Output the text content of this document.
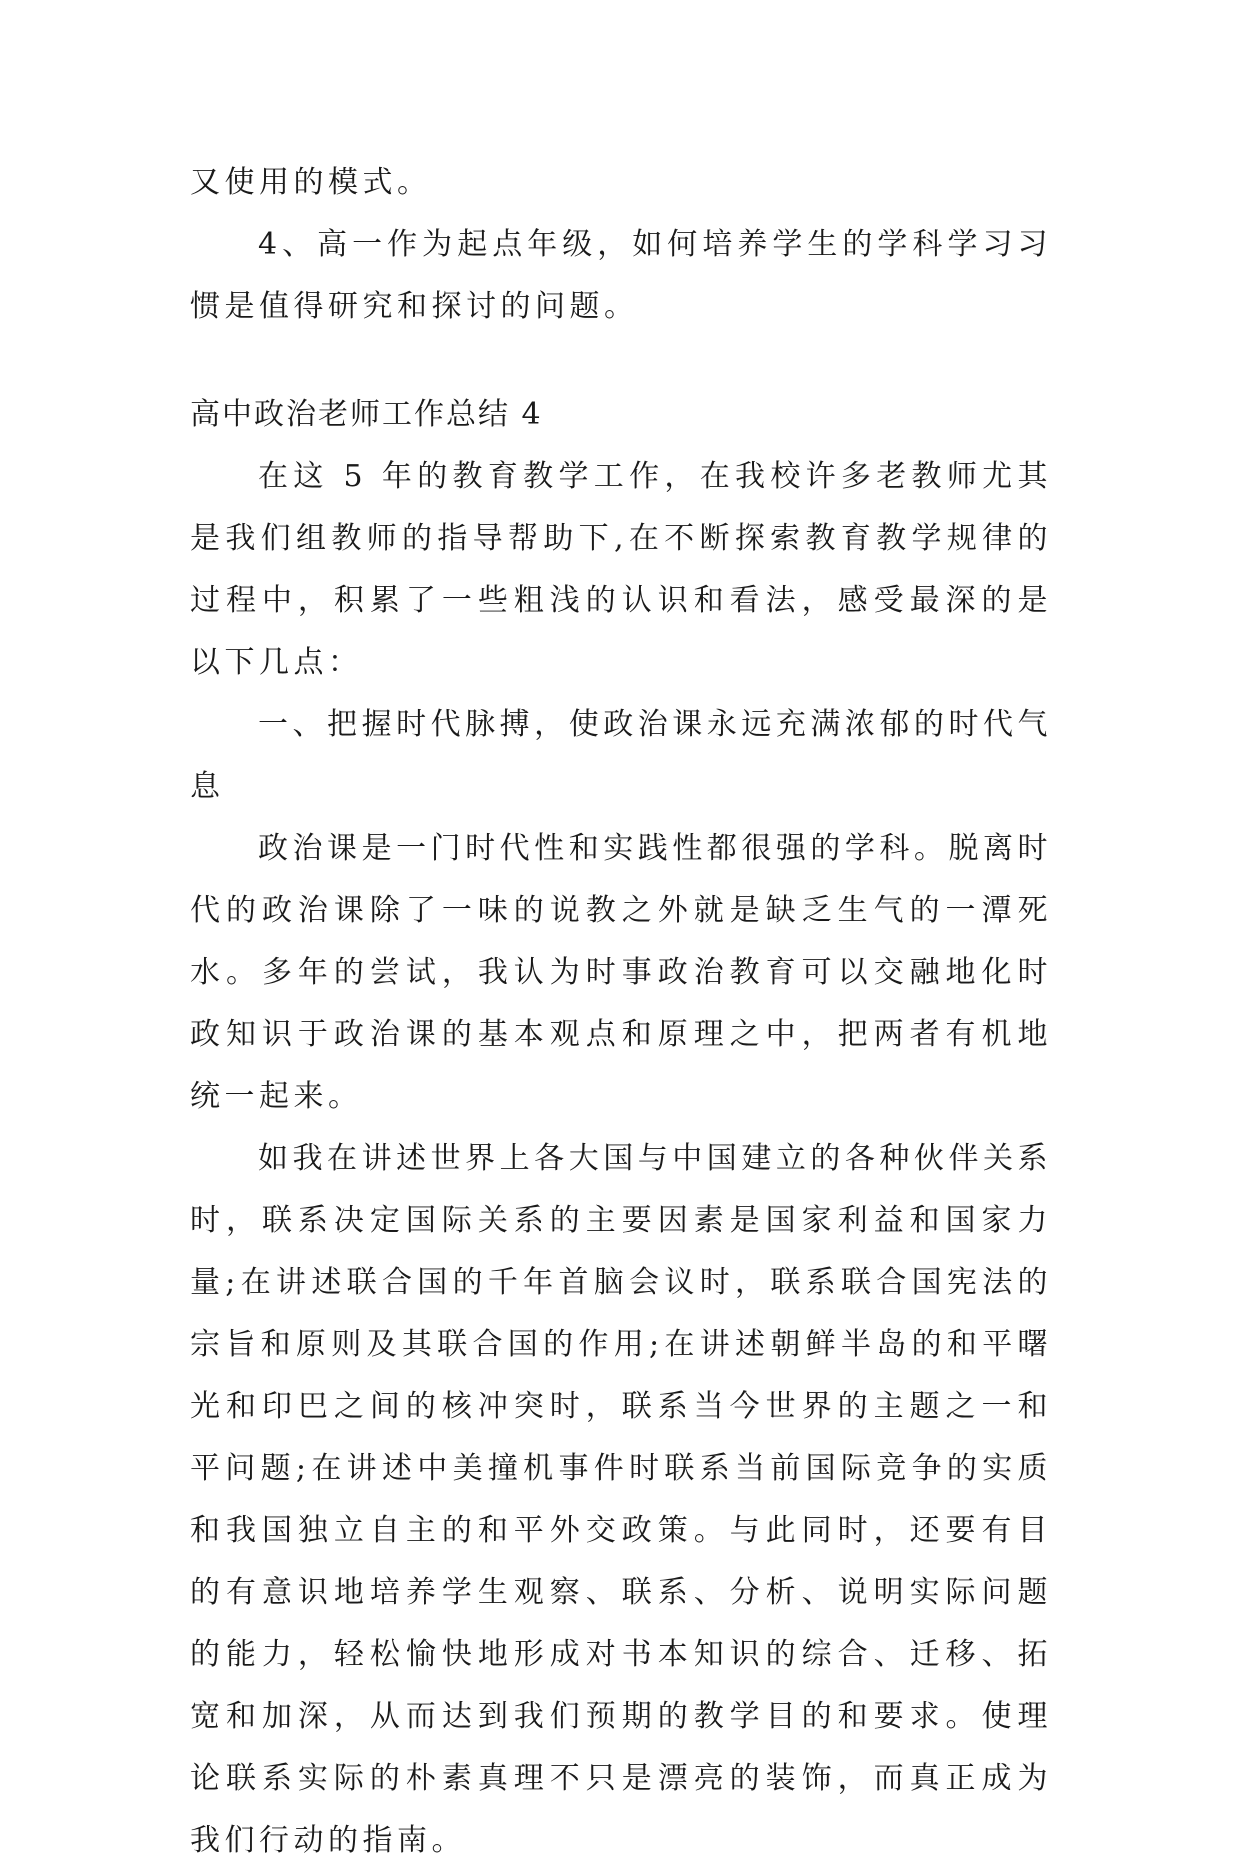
又使用的模式。

4、高一作为起点年级，如何培养学生的学科学习习惯是值得研究和探讨的问题。

高中政治老师工作总结 4

在这 5 年的教育教学工作，在我校许多老教师尤其是我们组教师的指导帮助下,在不断探索教育教学规律的过程中，积累了一些粗浅的认识和看法，感受最深的是以下几点：

一、把握时代脉搏，使政治课永远充满浓郁的时代气息

政治课是一门时代性和实践性都很强的学科。脱离时代的政治课除了一味的说教之外就是缺乏生气的一潭死水。多年的尝试，我认为时事政治教育可以交融地化时政知识于政治课的基本观点和原理之中，把两者有机地统一起来。

如我在讲述世界上各大国与中国建立的各种伙伴关系时，联系决定国际关系的主要因素是国家利益和国家力量;在讲述联合国的千年首脑会议时，联系联合国宪法的宗旨和原则及其联合国的作用;在讲述朝鲜半岛的和平曙光和印巴之间的核冲突时，联系当今世界的主题之一和平问题;在讲述中美撞机事件时联系当前国际竞争的实质和我国独立自主的和平外交政策。与此同时，还要有目的有意识地培养学生观察、联系、分析、说明实际问题的能力，轻松愉快地形成对书本知识的综合、迁移、拓宽和加深，从而达到我们预期的教学目的和要求。使理论联系实际的朴素真理不只是漂亮的装饰，而真正成为我们行动的指南。
